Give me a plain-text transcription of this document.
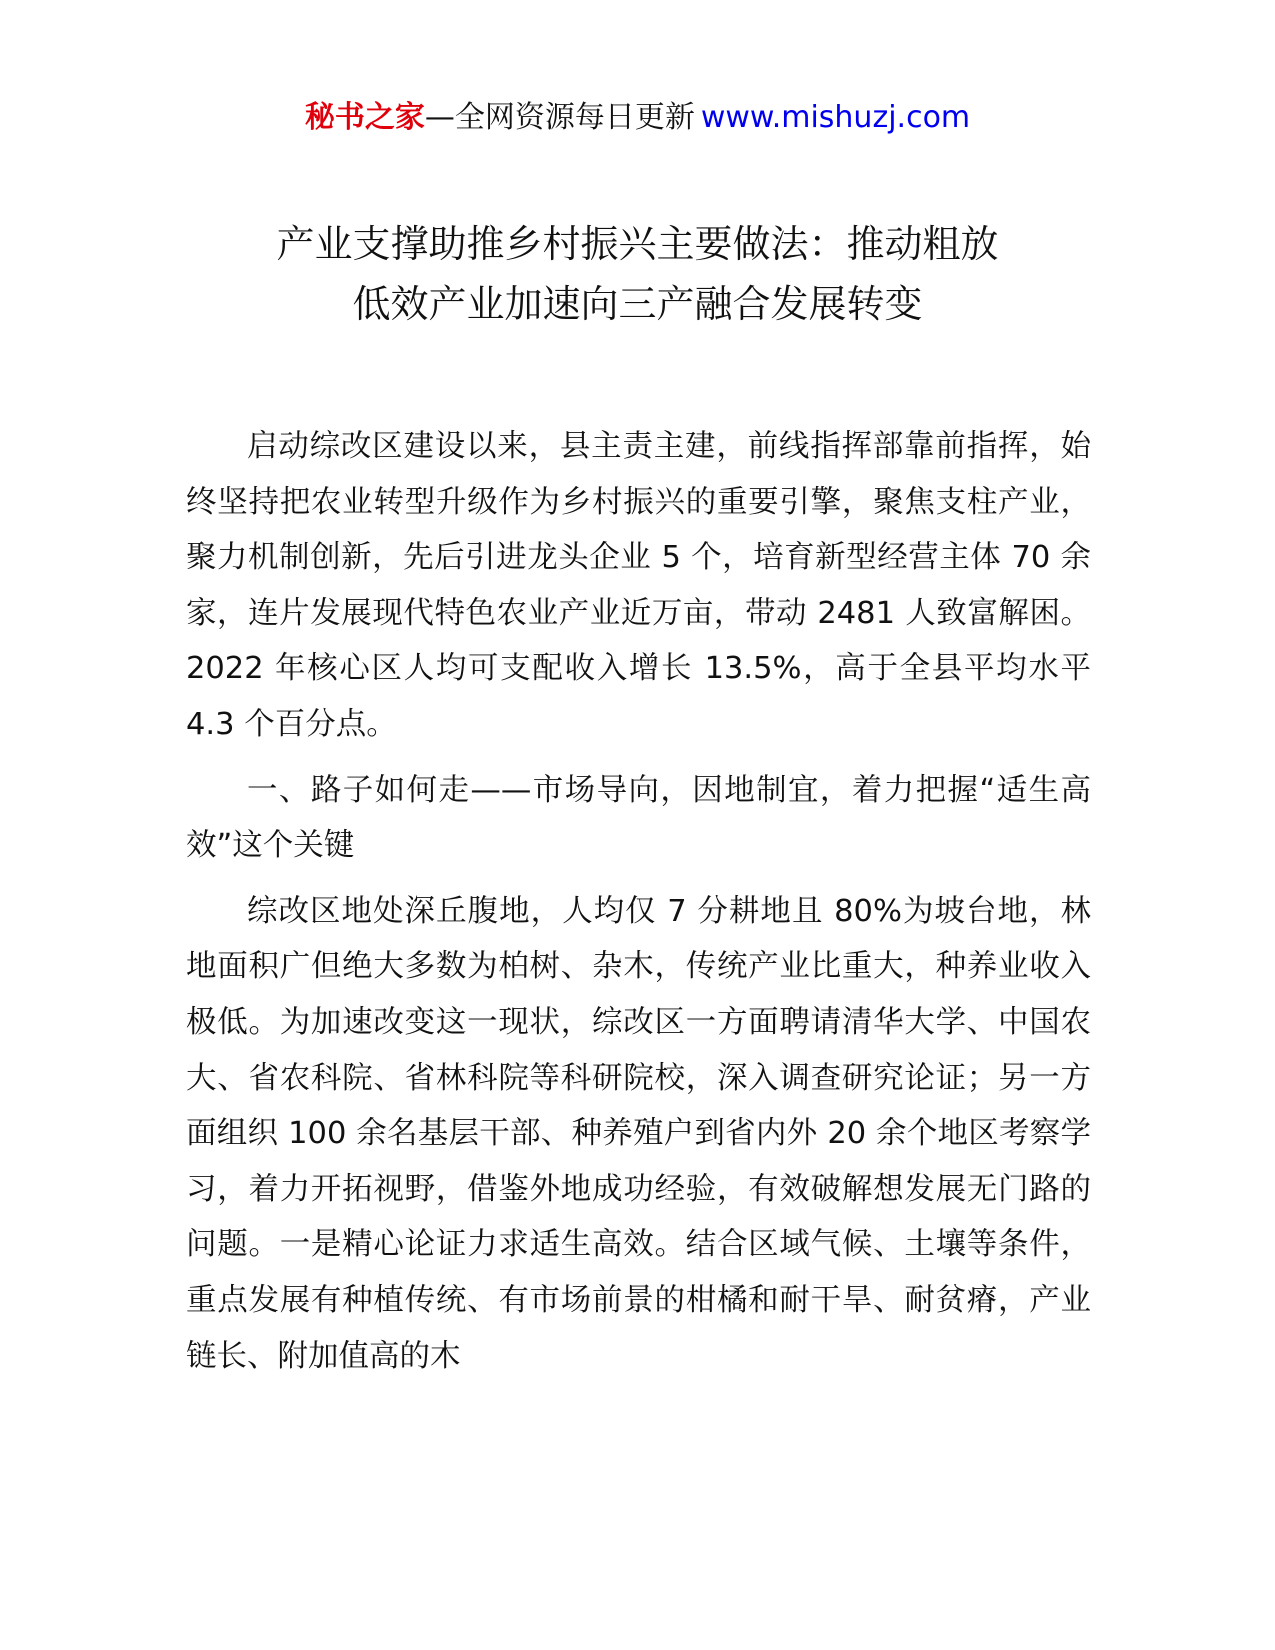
秘书之家—全网资源每日更新 www.mishuzj.com
产业支撑助推乡村振兴主要做法：推动粗放
低效产业加速向三产融合发展转变

启动综改区建设以来，县主责主建，前线指挥部靠前指挥，始终坚持把农业转型升级作为乡村振兴的重要引擎，聚焦支柱产业，聚力机制创新，先后引进龙头企业 5 个，培育新型经营主体 70 余家，连片发展现代特色农业产业近万亩，带动 2481 人致富解困。2022 年核心区人均可支配收入增长 13.5%，高于全县平均水平 4.3 个百分点。

一、路子如何走——市场导向，因地制宜，着力把握“适生高效”这个关键

综改区地处深丘腹地，人均仅 7 分耕地且 80%为坡台地，林地面积广但绝大多数为柏树、杂木，传统产业比重大，种养业收入极低。为加速改变这一现状，综改区一方面聘请清华大学、中国农大、省农科院、省林科院等科研院校，深入调查研究论证；另一方面组织 100 余名基层干部、种养殖户到省内外 20 余个地区考察学习，着力开拓视野，借鉴外地成功经验，有效破解想发展无门路的问题。一是精心论证力求适生高效。结合区域气候、土壤等条件，重点发展有种植传统、有市场前景的柑橘和耐干旱、耐贫瘠，产业链长、附加值高的木
